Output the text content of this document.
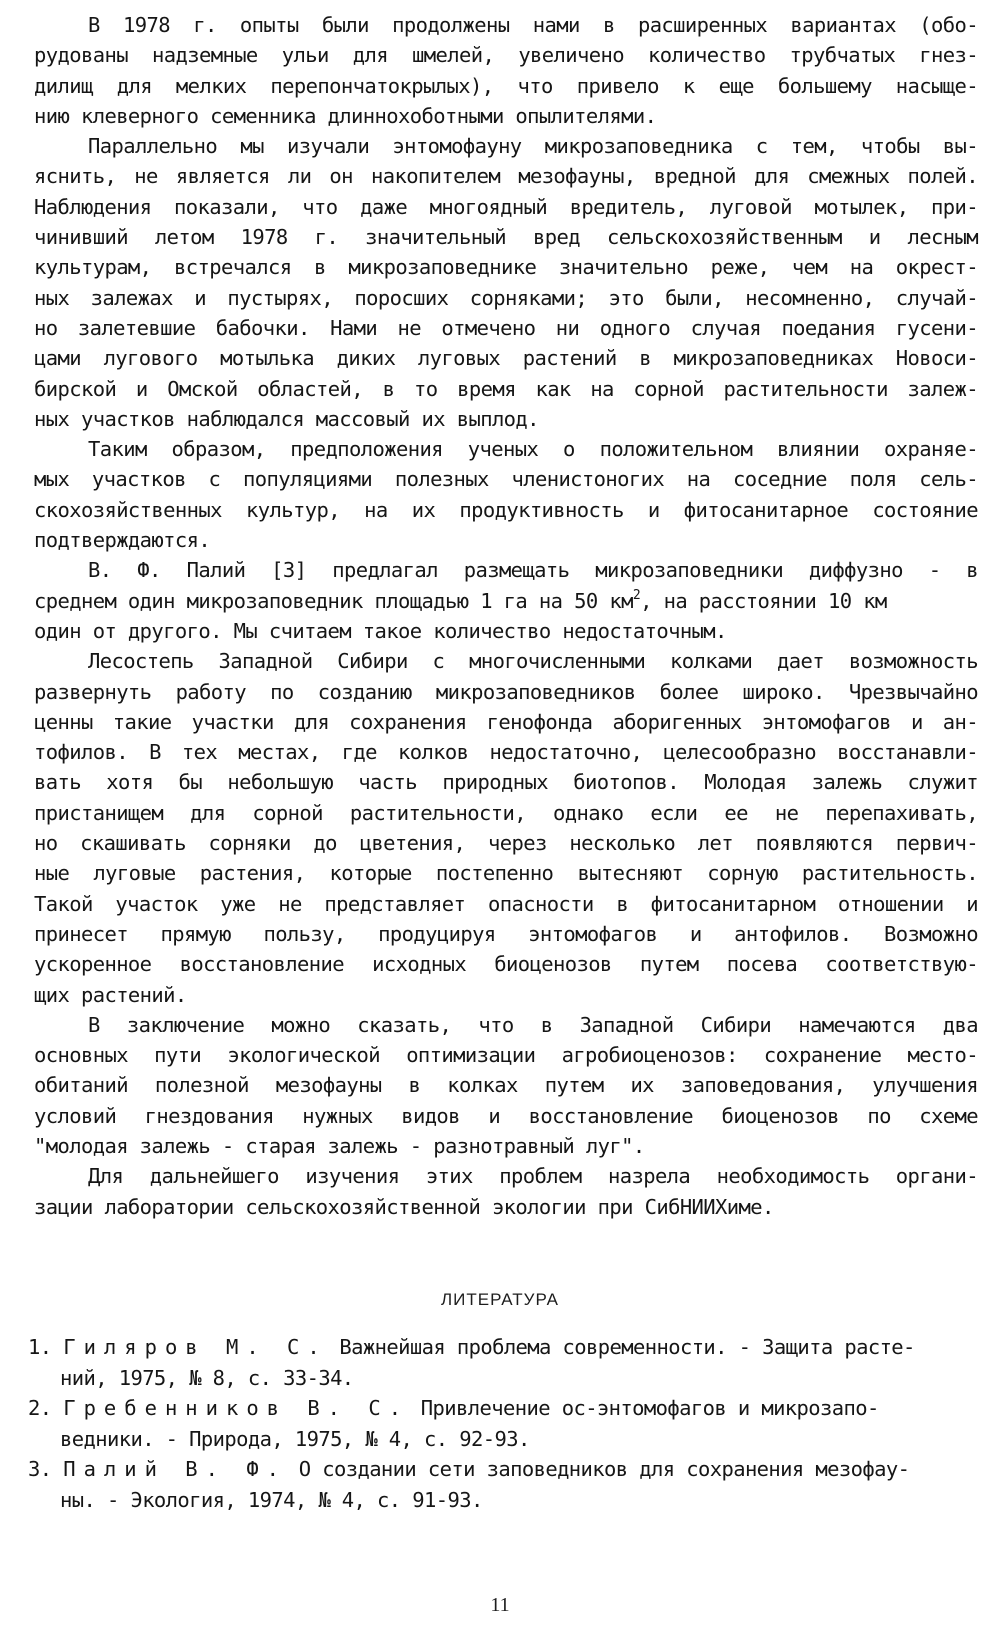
В 1978 г. опыты были продолжены нами в расширенных вариантах (обо-
рудованы надземные ульи для шмелей, увеличено количество трубчатых гнез-
дилищ для мелких перепончатокрылых), что привело к еще большему насыще-
нию клеверного семенника длиннохоботными опылителями.
Параллельно мы изучали энтомофауну микрозаповедника с тем, чтобы вы-
яснить, не является ли он накопителем мезофауны, вредной для смежных полей.
Наблюдения показали, что даже многоядный вредитель, луговой мотылек, при-
чинивший летом 1978 г. значительный вред сельскохозяйственным и лесным
культурам, встречался в микрозаповеднике значительно реже, чем на окрест-
ных залежах и пустырях, поросших сорняками; это были, несомненно, случай-
но залетевшие бабочки. Нами не отмечено ни одного случая поедания гусени-
цами лугового мотылька диких луговых растений в микрозаповедниках Новоси-
бирской и Омской областей, в то время как на сорной растительности залеж-
ных участков наблюдался массовый их выплод.
Таким образом, предположения ученых о положительном влиянии охраняе-
мых участков с популяциями полезных членистоногих на соседние поля сель-
скохозяйственных культур, на их продуктивность и фитосанитарное состояние
подтверждаются.
В. Ф. Палий [3] предлагал размещать микрозаповедники диффузно - в
среднем один микрозаповедник площадью 1 га на 50 $км^2$, на расстоянии 10 км
один от другого. Мы считаем такое количество недостаточным.
Лесостепь Западной Сибири с многочисленными колками дает возможность
развернуть работу по созданию микрозаповедников более широко. Чрезвычайно
ценны такие участки для сохранения генофонда аборигенных энтомофагов и ан-
тофилов. В тех местах, где колков недостаточно, целесообразно восстанавли-
вать хотя бы небольшую часть природных биотопов. Молодая залежь служит
пристанищем для сорной растительности, однако если ее не перепахивать,
но скашивать сорняки до цветения, через несколько лет появляются первич-
ные луговые растения, которые постепенно вытесняют сорную растительность.
Такой участок уже не представляет опасности в фитосанитарном отношении и
принесет прямую пользу, продуцируя энтомофагов и антофилов. Возможно
ускоренное восстановление исходных биоценозов путем посева соответствую-
щих растений.
В заключение можно сказать, что в Западной Сибири намечаются два
основных пути экологической оптимизации агробиоценозов: сохранение место-
обитаний полезной мезофауны в колках путем их заповедования, улучшения
условий гнездования нужных видов и восстановление биоценозов по схеме
"молодая залежь - старая залежь - разнотравный луг".
Для дальнейшего изучения этих проблем назрела необходимость органи-
зации лаборатории сельскохозяйственной экологии при СибНИИХиме.
ЛИТЕРАТУРА
1. Гиляров М. С. Важнейшая проблема современности. - Защита расте-
ний, 1975, № 8, с. 33-34.
2. Гребенников В. С. Привлечение ос-энтомофагов и микрозапо-
ведники. - Природа, 1975, № 4, с. 92-93.
3. Палий В. Ф. О создании сети заповедников для сохранения мезофау-
ны. - Экология, 1974, № 4, с. 91-93.
11
